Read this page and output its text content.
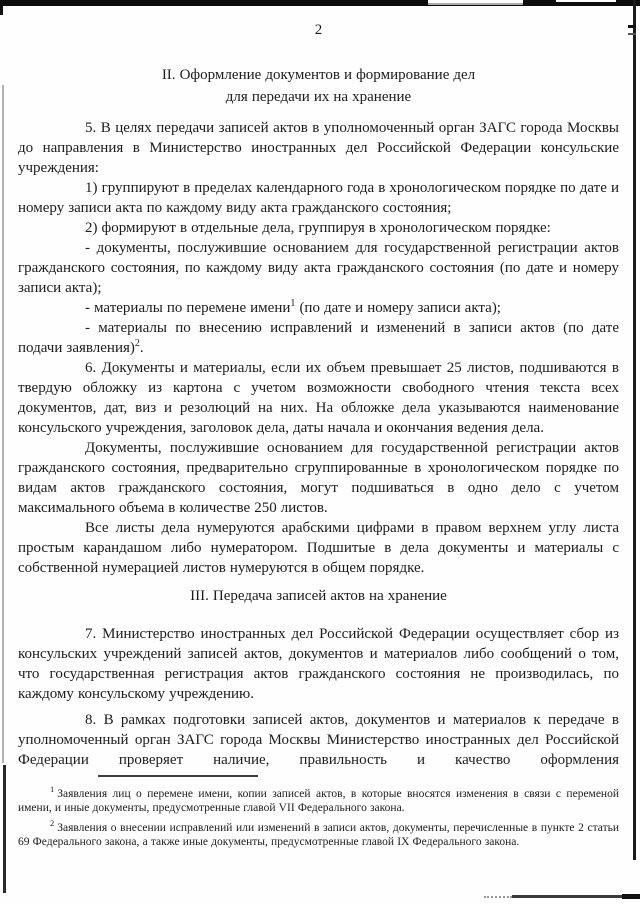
2
II. Оформление документов и формирование дел
для передачи их на хранение

5. В целях передачи записей актов в уполномоченный орган ЗАГС города Москвы до направления в Министерство иностранных дел Российской Федерации консульские учреждения:

1) группируют в пределах календарного года в хронологическом порядке по дате и номеру записи акта по каждому виду акта гражданского состояния;

2) формируют в отдельные дела, группируя в хронологическом порядке:

- документы, послужившие основанием для государственной регистрации актов гражданского состояния, по каждому виду акта гражданского состояния (по дате и номеру записи акта);

- материалы по перемене имени$^1$ (по дате и номеру записи акта);

- материалы по внесению исправлений и изменений в записи актов (по дате подачи заявления)$^2$.

6. Документы и материалы, если их объем превышает 25 листов, подшиваются в твердую обложку из картона с учетом возможности свободного чтения текста всех документов, дат, виз и резолюций на них. На обложке дела указываются наименование консульского учреждения, заголовок дела, даты начала и окончания ведения дела.

Документы, послужившие основанием для государственной регистрации актов гражданского состояния, предварительно сгруппированные в хронологическом порядке по видам актов гражданского состояния, могут подшиваться в одно дело с учетом максимального объема в количестве 250 листов.

Все листы дела нумеруются арабскими цифрами в правом верхнем углу листа простым карандашом либо нумератором. Подшитые в дела документы и материалы с собственной нумерацией листов нумеруются в общем порядке.

III. Передача записей актов на хранение

7. Министерство иностранных дел Российской Федерации осуществляет сбор из консульских учреждений записей актов, документов и материалов либо сообщений о том, что государственная регистрация актов гражданского состояния не производилась, по каждому консульскому учреждению.

8. В рамках подготовки записей актов, документов и материалов к передаче в уполномоченный орган ЗАГС города Москвы Министерство иностранных дел Российской Федерации проверяет наличие, правильность и качество оформления

$^1$ Заявления лиц о перемене имени, копии записей актов, в которые вносятся изменения в связи с переменой имени, и иные документы, предусмотренные главой VII Федерального закона.

$^2$ Заявления о внесении исправлений или изменений в записи актов, документы, перечисленные в пункте 2 статьи 69 Федерального закона, а также иные документы, предусмотренные главой IX Федерального закона.
